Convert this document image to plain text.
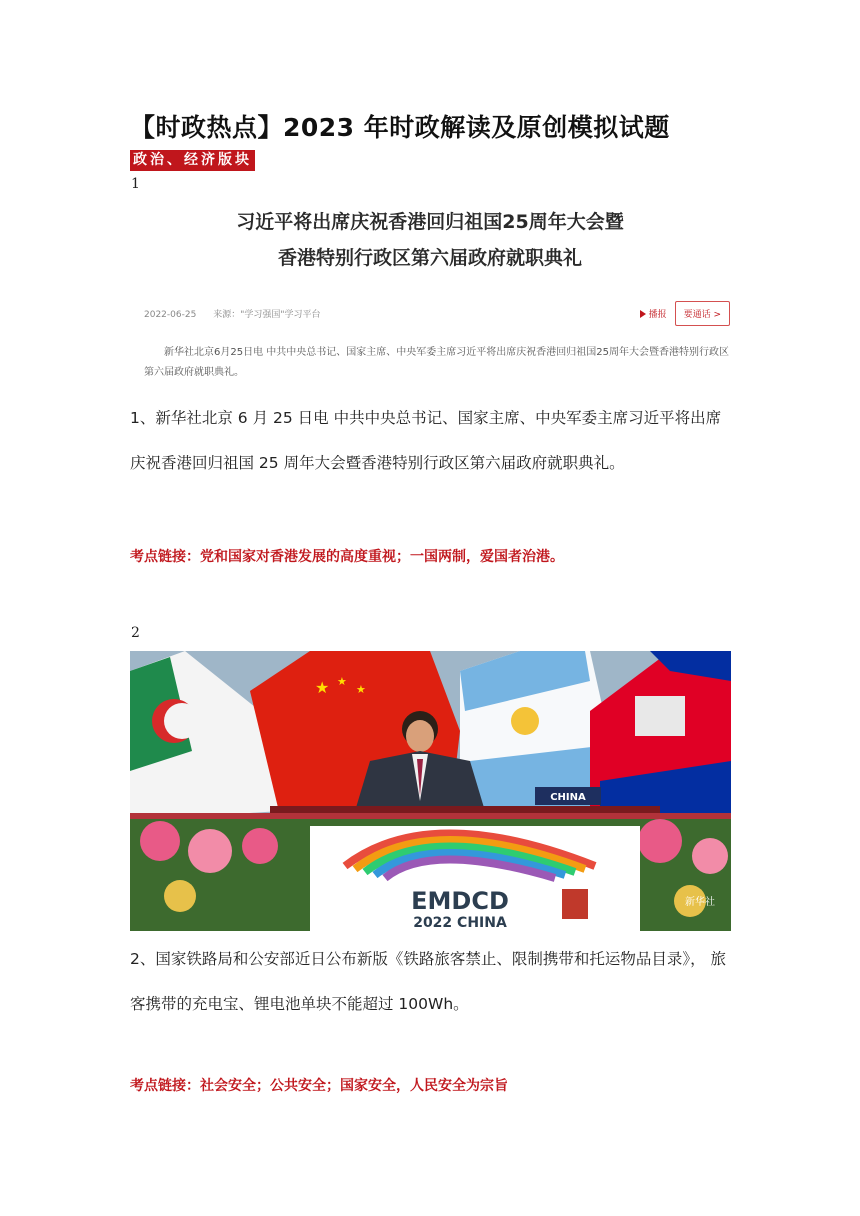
【时政热点】2023 年时政解读及原创模拟试题
政治、经济版块
1
习近平将出席庆祝香港回归祖国25周年大会暨
香港特别行政区第六届政府就职典礼
2022-06-25 来源："学习强国"学习平台	播报 要通话 >
新华社北京6月25日电 中共中央总书记、国家主席、中央军委主席习近平将出席庆祝香港回归祖国25周年大会暨香港特别行政区第六届政府就职典礼。
1、新华社北京 6 月 25 日电 中共中央总书记、国家主席、中央军委主席习近平将出席庆祝香港回归祖国 25 周年大会暨香港特别行政区第六届政府就职典礼。
考点链接：党和国家对香港发展的高度重视；一国两制，爱国者治港。
2
★ ★
★
CHINA
EMDCD
2022 CHINA
新华社
2、国家铁路局和公安部近日公布新版《铁路旅客禁止、限制携带和托运物品目录》， 旅客携带的充电宝、锂电池单块不能超过 100Wh。
考点链接：社会安全；公共安全；国家安全，人民安全为宗旨
